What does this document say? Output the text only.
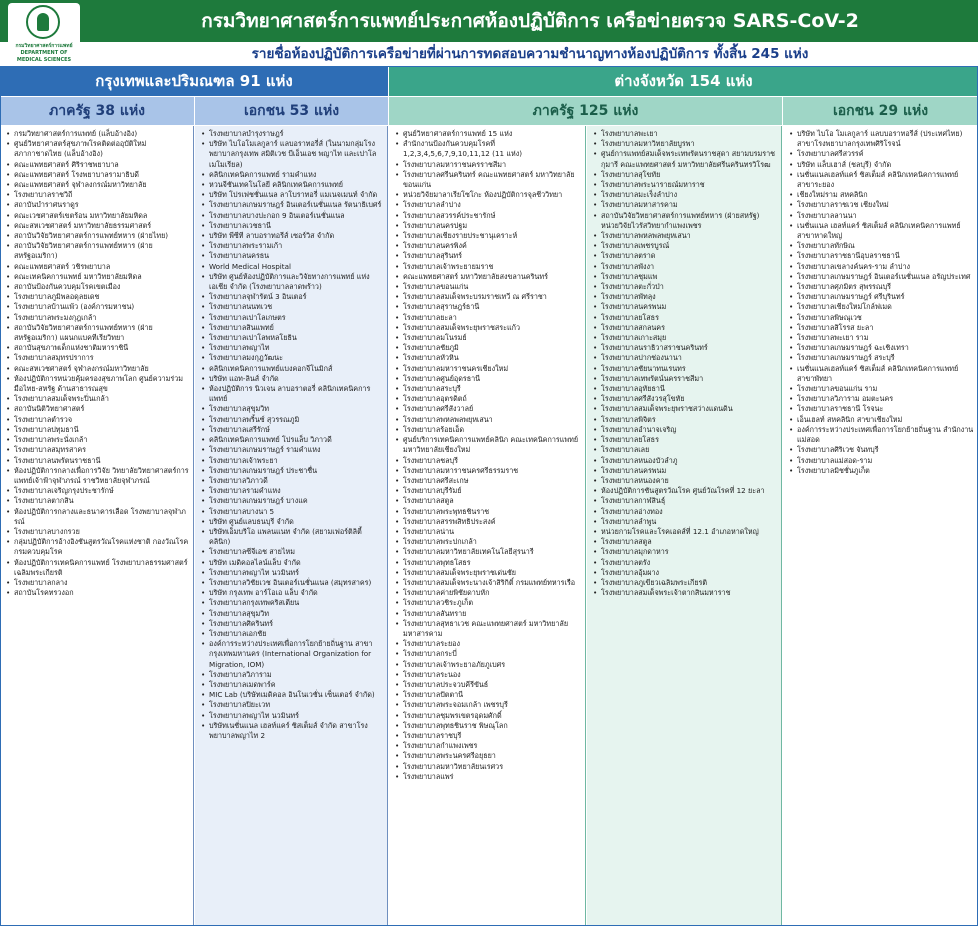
กรมวิทยาศาสตร์การแพทย์ DEPARTMENT OF MEDICAL SCIENCES
กรมวิทยาศาสตร์การแพทย์ประกาศห้องปฏิบัติการ เครือข่ายตรวจ SARS-CoV-2
รายชื่อห้องปฏิบัติการเครือข่ายที่ผ่านการทดสอบความชำนาญทางห้องปฏิบัติการ ทั้งสิ้น 245 แห่ง
กรุงเทพและปริมณฑล 91 แห่ง	ต่างจังหวัด 154 แห่ง
ภาครัฐ 38 แห่ง	เอกชน 53 แห่ง	ภาครัฐ 125 แห่ง	เอกชน 29 แห่ง
• กรมวิทยาศาสตร์การแพทย์ (แล็บอ้างอิง)
• ศูนย์วิทยาศาสตร์สุขภาพโรคติดต่ออุบัติใหม่ สภากาชาดไทย (แล็บอ้างอิง)
• คณะแพทยศาสตร์ ศิริราชพยาบาล
• คณะแพทยศาสตร์ โรงพยาบาลรามาธิบดี
• คณะแพทยศาสตร์ จุฬาลงกรณ์มหาวิทยาลัย
• โรงพยาบาลราชวิถี
• สถาบันบำราศนราดูร
• คณะเวชศาสตร์เขตร้อน มหาวิทยาลัยมหิดล
• คณะสหเวชศาสตร์ มหาวิทยาลัยธรรมศาสตร์
• สถาบันวิจัยวิทยาศาสตร์การแพทย์ทหาร (ฝ่ายไทย)
• สถาบันวิจัยวิทยาศาสตร์การแพทย์ทหาร (ฝ่ายสหรัฐอเมริกา)
• คณะแพทยศาสตร์ วชิรพยาบาล
• คณะเทคนิคการแพทย์ มหาวิทยาลัยมหิดล
• สถาบันป้องกันควบคุมโรคเขตเมือง
• โรงพยาบาลภูมิพลอดุลยเดช
• โรงพยาบาลบ้านแพ้ว (องค์การมหาชน)
• โรงพยาบาลพระมงกุฎเกล้า
• สถาบันวิจัยวิทยาศาสตร์การแพทย์ทหาร (ฝ่ายสหรัฐอเมริกา) แผนกแบคทีเรียวิทยา
• สถาบันสุขภาพเด็กแห่งชาติมหาราชินี
• โรงพยาบาลสมุทรปราการ
• คณะสหเวชศาสตร์ จุฬาลงกรณ์มหาวิทยาลัย
• ห้องปฏิบัติการหน่วยคุ้มครองสุขภาพโลก ศูนย์ความร่วมมือไทย-สหรัฐ ด้านสาธารณสุข
• โรงพยาบาลสมเด็จพระปิ่นเกล้า
• สถาบันนิติวิทยาศาสตร์
• โรงพยาบาลตำรวจ
• โรงพยาบาลปทุมธานี
• โรงพยาบาลพระนั่งเกล้า
• โรงพยาบาลสมุทรสาคร
• โรงพยาบาลนพรัตนราชธานี
• ห้องปฏิบัติการกลางเพื่อการวิจัย วิทยาลัยวิทยาศาสตร์การแพทย์เจ้าฟ้าจุฬาภรณ์ ราชวิทยาลัยจุฬาภรณ์
• โรงพยาบาลเจริญกรุงประชารักษ์
• โรงพยาบาลตากสิน
• ห้องปฏิบัติการกลางและธนาคารเลือด โรงพยาบาลจุฬาภรณ์
• โรงพยาบาลบางกรวย
• กลุ่มปฏิบัติการอ้างอิงชันสูตรวัณโรคแห่งชาติ กองวัณโรค กรมควบคุมโรค
• ห้องปฏิบัติการเทคนิคการแพทย์ โรงพยาบาลธรรมศาสตร์เฉลิมพระเกียรติ
• โรงพยาบาลกลาง
• สถาบันโรคทรวงอก
• โรงพยาบาลบำรุงราษฎร์
• บริษัท ไบโอโมเลกูลาร์ แลบอราทอรี่ส์ (ในนามกลุ่มโรงพยาบาลกรุงเทพ สมิติเวช บีเอ็นเอช พญาไท และเปาโล เมโมเรียล)
• คลินิกเทคนิคการแพทย์ รามคำแหง
• หวนจีชันเทคโนโลยี คลินิกเทคนิคการแพทย์
• บริษัท โปรเฟชชั่นแนล ลาโบราทอรี่ แมเนจเมนท์ จำกัด
• โรงพยาบาลเกษมราษฎร์ อินเตอร์เนชั่นแนล รัตนาธิเบศร์
• โรงพยาบาลบางปะกอก 9 อินเตอร์เนชั่นแนล
• โรงพยาบาลเวชธานี
• บริษัท พีซีที ลาบอราทอรีส์ เซอร์วิส จำกัด
• โรงพยาบาลพระรามเก้า
• โรงพยาบาลนครธน
• World Medical Hospital
• บริษัท ศูนย์ห้องปฏิบัติการและวิจัยทางการแพทย์ แห่งเอเชีย จำกัด (โรงพยาบาลลาดพร้าว)
• โรงพยาบาลจุฬารัตน์ 3 อินเตอร์
• โรงพยาบาลนนทเวช
• โรงพยาบาลเปาโลเกษตร
• โรงพยาบาลสินแพทย์
• โรงพยาบาลเปาโลพหลโยธิน
• โรงพยาบาลพญาไท
• โรงพยาบาลมงกุฎวัฒนะ
• คลินิกเทคนิคการแพทย์แบงคอกจีโนมิกส์
• บริษัท แอท-ลินส์ จำกัด
• ห้องปฏิบัติการ นิวเจน ลาบอราตอรี่ คลินิกเทคนิคการแพทย์
• โรงพยาบาลสุขุมวิท
• โรงพยาบาลพริ้นซ์ สุวรรณภูมิ
• โรงพยาบาลเสรีรักษ์
• คลินิกเทคนิคการแพทย์ โปรแล็บ วิภาวดี
• โรงพยาบาลเกษมราษฎร์ รามคำแหง
• โรงพยาบาลเจ้าพระยา
• โรงพยาบาลเกษมราษฎร์ ประชาชื่น
• โรงพยาบาลวิภาวดี
• โรงพยาบาลรามคำแหง
• โรงพยาบาลเกษมราษฎร์ บางแค
• โรงพยาบาลบางนา 5
• บริษัท ศูนย์แลบธนบุรี จำกัด
• บริษัทเอ็มบริโอ แพลนแนท จำกัด (สยามเฟอร์ติลิตี้ คลินิก)
• โรงพยาบาลซีจีเอช สายไหม
• บริษัท เมดิคอลไลน์แล็บ จำกัด
• โรงพยาบาลพญาไท นวมินทร์
• โรงพยาบาลวิชัยเวช อินเตอร์เนชั่นแนล (สมุทรสาคร)
• บริษัท กรุงเทพ อาร์โอเอ แล็บ จำกัด
• โรงพยาบาลกรุงเทพคริสเตียน
• โรงพยาบาลสุขุมวิท
• โรงพยาบาลศิครินทร์
• โรงพยาบาลเอกชัย
• องค์การระหว่างประเทศเพื่อการโยกย้ายถิ่นฐาน สาขากรุงเทพมหานคร (International Organization for Migration, IOM)
• โรงพยาบาลวิภาราม
• โรงพยาบาลเมดพาร์ค
• MIC Lab (บริษัทเมดิคอล อินโนเวชั่น เซ็นเตอร์ จำกัด)
• โรงพยาบาลปิยะเวท
• โรงพยาบาลพญาไท นวมินทร์
• บริษัทเนชั่นแนล เฮลท์แคร์ ซิสเต็มส์ จำกัด สาขาโรงพยาบาลพญาไท 2
• ศูนย์วิทยาศาสตร์การแพทย์ 15 แห่ง
• สำนักงานป้องกันควบคุมโรคที่ 1,2,3,4,5,6,7,9,10,11,12 (11 แห่ง)
• โรงพยาบาลมหาราชนครราชสีมา
• โรงพยาบาลศรีนครินทร์ คณะแพทยศาสตร์ มหาวิทยาลัยขอนแก่น
• หน่วยวิจัยมาลาเรียโซโกะ ห้องปฏิบัติการจุลชีววิทยา
• โรงพยาบาลลำปาง
• โรงพยาบาลสวรรค์ประชารักษ์
• โรงพยาบาลนครปฐม
• โรงพยาบาลเชียงรายประชานุเคราะห์
• โรงพยาบาลนครพิงค์
• โรงพยาบาลสุรินทร์
• โรงพยาบาลเจ้าพระยายมราช
• คณะแพทยศาสตร์ มหาวิทยาลัยสงขลานครินทร์
• โรงพยาบาลขอนแก่น
• โรงพยาบาลสมเด็จพระบรมราชเทวี ณ ศรีราชา
• โรงพยาบาลสุราษฎร์ธานี
• โรงพยาบาลยะลา
• โรงพยาบาลสมเด็จพระยุพราชสระแก้ว
• โรงพยาบาลมโนรมย์
• โรงพยาบาลชัยภูมิ
• โรงพยาบาลหัวหิน
• โรงพยาบาลมหาราชนครเชียงใหม่
• โรงพยาบาลศูนย์อุดรธานี
• โรงพยาบาลสระบุรี
• โรงพยาบาลอุตรดิตถ์
• โรงพยาบาลศรีสังวาลย์
• โรงพยาบาลพหลพลพยุหเสนา
• โรงพยาบาลร้อยเอ็ด
• ศูนย์บริการเทคนิคการแพทย์คลินิก คณะเทคนิคการแพทย์ มหาวิทยาลัยเชียงใหม่
• โรงพยาบาลชลบุรี
• โรงพยาบาลมหาราชนครศรีธรรมราช
• โรงพยาบาลศรีสะเกษ
• โรงพยาบาลบุรีรัมย์
• โรงพยาบาลสตูล
• โรงพยาบาลพระพุทธชินราช
• โรงพยาบาลสรรพสิทธิประสงค์
• โรงพยาบาลน่าน
• โรงพยาบาลพระปกเกล้า
• โรงพยาบาลมหาวิทยาลัยเทคโนโลยีสุรนารี
• โรงพยาบาลพุทธโสธร
• โรงพยาบาลสมเด็จพระยุพราชเด่นชัย
• โรงพยาบาลสมเด็จพระนางเจ้าสิริกิติ์ กรมแพทย์ทหารเรือ
• โรงพยาบาลค่ายพิชัยดาบหัก
• โรงพยาบาลวชิระภูเก็ต
• โรงพยาบาลสันทราย
• โรงพยาบาลสุทธาเวช คณะแพทยศาสตร์ มหาวิทยาลัยมหาสารคาม
• โรงพยาบาลระยอง
• โรงพยาบาลกระบี่
• โรงพยาบาลเจ้าพระยาอภัยภูเบศร
• โรงพยาบาลระนอง
• โรงพยาบาลประจวบคีรีขันธ์
• โรงพยาบาลปัตตานี
• โรงพยาบาลพระจอมเกล้า เพชรบุรี
• โรงพยาบาลชุมพรเขตรอุดมศักดิ์
• โรงพยาบาลพุทธชินราช พิษณุโลก
• โรงพยาบาลราชบุรี
• โรงพยาบาลกำแพงเพชร
• โรงพยาบาลพระนครศรีอยุธยา
• โรงพยาบาลมหาวิทยาลัยนเรศวร
• โรงพยาบาลแพร่
• โรงพยาบาลพะเยา
• โรงพยาบาลมหาวิทยาลัยบูรพา
• ศูนย์การแพทย์สมเด็จพระเทพรัตนราชสุดา สยามบรมราชกุมารี คณะแพทยศาสตร์ มหาวิทยาลัยศรีนครินทรวิโรฒ
• โรงพยาบาลสุโขทัย
• โรงพยาบาลพระนารายณ์มหาราช
• โรงพยาบาลมะเร็งลำปาง
• โรงพยาบาลมหาสารคาม
• สถาบันวิจัยวิทยาศาสตร์การแพทย์ทหาร (ฝ่ายสหรัฐ) หน่วยวิจัยไวรัสวิทยากำแพงเพชร
• โรงพยาบาลพหลพลพยุหเสนา
• โรงพยาบาลเพชรบูรณ์
• โรงพยาบาลตราด
• โรงพยาบาลพังงา
• โรงพยาบาลชุมแพ
• โรงพยาบาลตะกั่วป่า
• โรงพยาบาลพัทลุง
• โรงพยาบาลนครพนม
• โรงพยาบาลยโสธร
• โรงพยาบาลสกลนคร
• โรงพยาบาลเกาะสมุย
• โรงพยาบาลนราธิวาสราชนครินทร์
• โรงพยาบาลปากช่องนานา
• โรงพยาบาลชัยนาทนเรนทร
• โรงพยาบาลเทพรัตน์นครราชสีมา
• โรงพยาบาลอุทัยธานี
• โรงพยาบาลศรีสังวรสุโขทัย
• โรงพยาบาลสมเด็จพระยุพราชสว่างแดนดิน
• โรงพยาบาลพิจิตร
• โรงพยาบาลอำนาจเจริญ
• โรงพยาบาลยโสธร
• โรงพยาบาลเลย
• โรงพยาบาลหนองบัวลำภู
• โรงพยาบาลนครพนม
• โรงพยาบาลหนองคาย
• ห้องปฏิบัติการชันสูตรวัณโรค ศูนย์วัณโรคที่ 12 ยะลา
• โรงพยาบาลกาฬสินธุ์
• โรงพยาบาลอ่างทอง
• โรงพยาบาลลำพูน
• หน่วยกามโรคและโรคเอดส์ที่ 12.1 อำเภอหาดใหญ่
• โรงพยาบาลสตูล
• โรงพยาบาลมุกดาหาร
• โรงพยาบาลตรัง
• โรงพยาบาลอุ้มผาง
• โรงพยาบาลภูเขียวเฉลิมพระเกียรติ
• โรงพยาบาลสมเด็จพระเจ้าตากสินมหาราช
• บริษัท ไบโอ โมเลกูลาร์ แลบบอราทอรีส์ (ประเทศไทย) สาขาโรงพยาบาลกรุงเทพศิริโรจน์
• โรงพยาบาลศรีสวรรค์
• บริษัท แล็บเฮาส์ (ชลบุรี) จำกัด
• เนชั่นแนลเฮลท์แคร์ ซิสเต็มส์ คลินิกเทคนิคการแพทย์ สาขาระยอง
• เชียงใหม่ราม สหคลินิก
• โรงพยาบาลราชเวช เชียงใหม่
• โรงพยาบาลลานนา
• เนชั่นแนล เฮลท์แคร์ ซิสเต็มส์ คลินิกเทคนิคการแพทย์ สาขาหาดใหญ่
• โรงพยาบาลทักษิณ
• โรงพยาบาลราชธานีอุบลราชธานี
• โรงพยาบาลเขลางค์นคร-ราม ลำปาง
• โรงพยาบาลเกษมราษฎร์ อินเตอร์เนชั่นแนล อรัญประเทศ
• โรงพยาบาลศุภมิตร สุพรรณบุรี
• โรงพยาบาลเกษมราษฎร์ ศรีบุรินทร์
• โรงพยาบาลเชียงใหม่โกล์ฟเมด
• โรงพยาบาลพิษณุเวช
• โรงพยาบาลสิโรรส ยะลา
• โรงพยาบาลพะเยา ราม
• โรงพยาบาลเกษมราษฎร์ ฉะเชิงเทรา
• โรงพยาบาลเกษมราษฎร์ สระบุรี
• เนชั่นแนลเฮลท์แคร์ ซิสเต็มส์ คลินิกเทคนิคการแพทย์ สาขาพัทยา
• โรงพยาบาลขอนแก่น ราม
• โรงพยาบาลวิภาราม อมตะนคร
• โรงพยาบาลราชธานี โรจนะ
• เอ็นเฮลท์ สหคลินิก สาขาเชียงใหม่
• องค์การระหว่างประเทศเพื่อการโยกย้ายถิ่นฐาน สำนักงานแม่สอด
• โรงพยาบาลศิริเวช จันทบุรี
• โรงพยาบาลแม่สอด-ราม
• โรงพยาบาลมิชชั่นภูเก็ต
